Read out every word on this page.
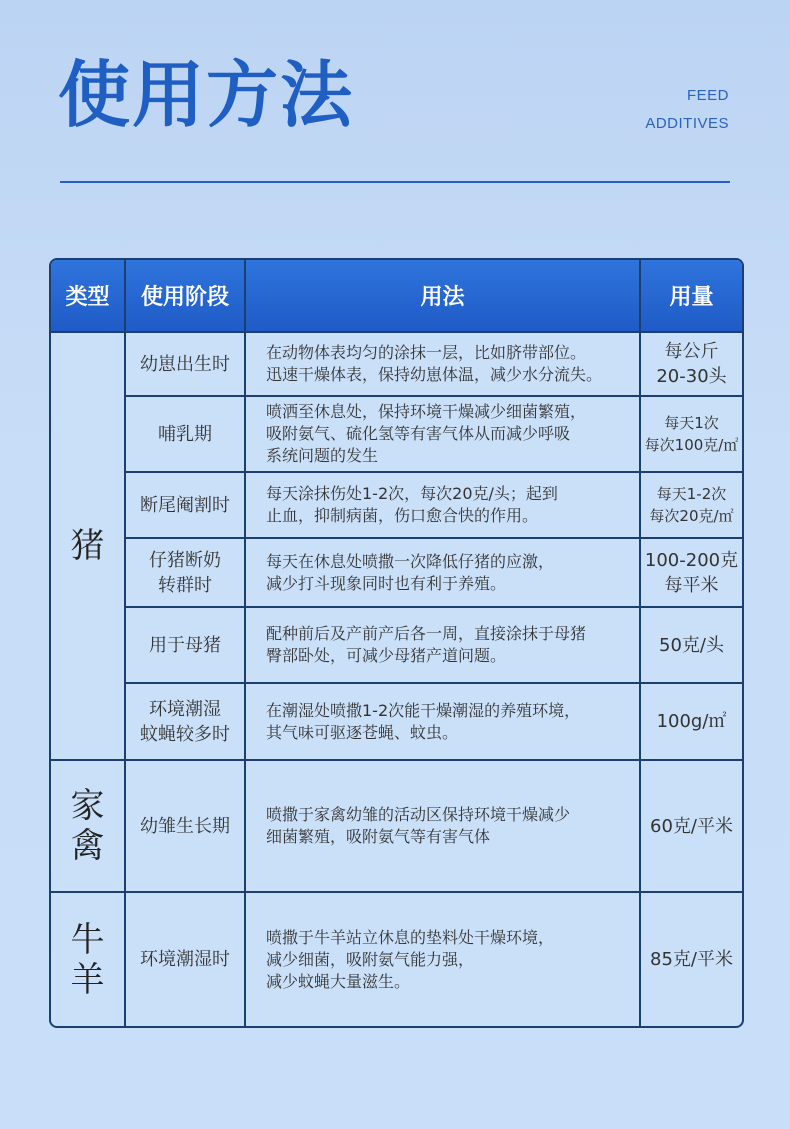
使用方法	FEED
ADDITIVES
类型	使用阶段	用法	用量
猪	幼崽出生时	在动物体表均匀的涂抹一层，比如脐带部位。
迅速干燥体表，保持幼崽体温，减少水分流失。	每公斤
20-30头
	哺乳期	喷洒至休息处，保持环境干燥减少细菌繁殖，
吸附氨气、硫化氢等有害气体从而减少呼吸
系统问题的发生	每天1次
每次100克/㎡
	断尾阉割时	每天涂抹伤处1-2次，每次20克/头；起到
止血，抑制病菌，伤口愈合快的作用。	每天1-2次
每次20克/㎡
	仔猪断奶
转群时	每天在休息处喷撒一次降低仔猪的应激，
减少打斗现象同时也有利于养殖。	100-200克
每平米
	用于母猪	配种前后及产前产后各一周，直接涂抹于母猪
臀部卧处，可减少母猪产道问题。	50克/头
	环境潮湿
蚊蝇较多时	在潮湿处喷撒1-2次能干燥潮湿的养殖环境，
其气味可驱逐苍蝇、蚊虫。	100g/㎡
家禽	幼雏生长期	喷撒于家禽幼雏的活动区保持环境干燥减少
细菌繁殖，吸附氨气等有害气体	60克/平米
牛羊	环境潮湿时	喷撒于牛羊站立休息的垫料处干燥环境，
减少细菌，吸附氨气能力强，
减少蚊蝇大量滋生。	85克/平米
